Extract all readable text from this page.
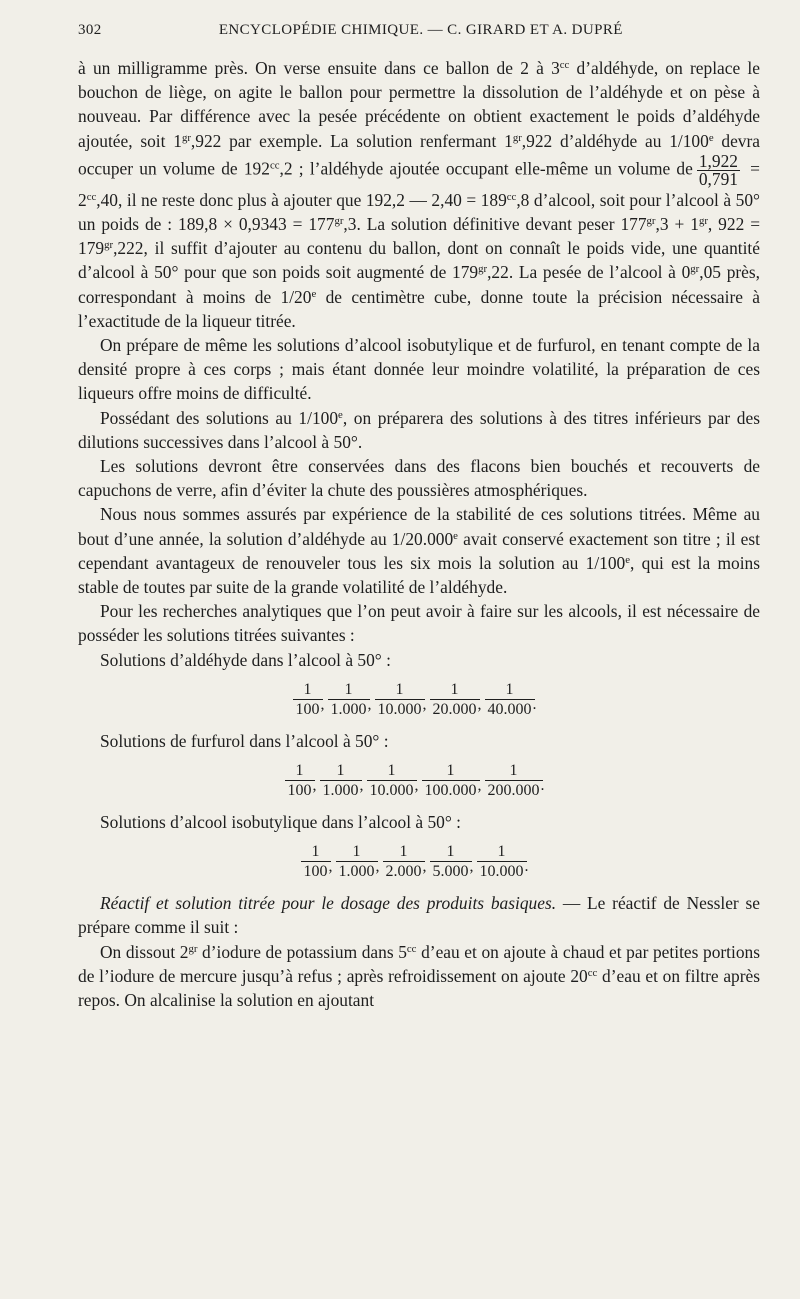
302	ENCYCLOPÉDIE CHIMIQUE. — C. GIRARD ET A. DUPRÉ

à un milligramme près. On verse ensuite dans ce ballon de 2 à $3^{cc}$ d’aldéhyde, on replace le bouchon de liège, on agite le ballon pour permettre la dissolution de l’aldéhyde et on pèse à nouveau. Par différence avec la pesée précédente on obtient exactement le poids d’aldéhyde ajoutée, soit $1^{gr},922$ par exemple. La solution renfermant $1^{gr},922$ d’aldéhyde au 1/100e devra occuper un volume de $192^{cc},2$ ; l’aldéhyde ajoutée occupant elle-même un volume de $\frac{1,922}{0,791} = 2^{cc},40$, il ne reste donc plus à ajouter que 192,2 — $2,40 = 189^{cc},8$ d’alcool, soit pour l’alcool à 50° un poids de : $189,8 \times 0,9343 = 177^{gr},3$. La solution définitive devant peser $177^{gr},3 + 1^{gr}$, $922 = 179^{gr},222$, il suffit d’ajouter au contenu du ballon, dont on connaît le poids vide, une quantité d’alcool à 50° pour que son poids soit augmenté de $179^{gr},22$. La pesée de l’alcool à $0^{gr},05$ près, correspondant à moins de 1/20e de centimètre cube, donne toute la précision nécessaire à l’exactitude de la liqueur titrée.

On prépare de même les solutions d’alcool isobutylique et de furfurol, en tenant compte de la densité propre à ces corps ; mais étant donnée leur moindre volatilité, la préparation de ces liqueurs offre moins de difficulté.

Possédant des solutions au 1/100e, on préparera des solutions à des titres inférieurs par des dilutions successives dans l’alcool à 50°.

Les solutions devront être conservées dans des flacons bien bouchés et recouverts de capuchons de verre, afin d’éviter la chute des poussières atmosphériques.

Nous nous sommes assurés par expérience de la stabilité de ces solutions titrées. Même au bout d’une année, la solution d’aldéhyde au 1/20.000e avait conservé exactement son titre ; il est cependant avantageux de renouveler tous les six mois la solution au 1/100e, qui est la moins stable de toutes par suite de la grande volatilité de l’aldéhyde.

Pour les recherches analytiques que l’on peut avoir à faire sur les alcools, il est nécessaire de posséder les solutions titrées suivantes :

Solutions d’aldéhyde dans l’alcool à 50° :

$\frac{1}{100}$ , $\frac{1}{1.000}$ , $\frac{1}{10.000}$ , $\frac{1}{20.000}$ , $\frac{1}{40.000}$ .

Solutions de furfurol dans l’alcool à 50° :

$\frac{1}{100}$ , $\frac{1}{1.000}$ , $\frac{1}{10.000}$ , $\frac{1}{100.000}$ , $\frac{1}{200.000}$ .

Solutions d’alcool isobutylique dans l’alcool à 50° :

$\frac{1}{100}$ , $\frac{1}{1.000}$ , $\frac{1}{2.000}$ , $\frac{1}{5.000}$ , $\frac{1}{10.000}$ .

Réactif et solution titrée pour le dosage des produits basiques. — Le réactif de Nessler se prépare comme il suit :

On dissout $2^{gr}$ d’iodure de potassium dans $5^{cc}$ d’eau et on ajoute à chaud et par petites portions de l’iodure de mercure jusqu’à refus ; après refroidissement on ajoute $20^{cc}$ d’eau et on filtre après repos. On alcalinise la solution en ajoutant
